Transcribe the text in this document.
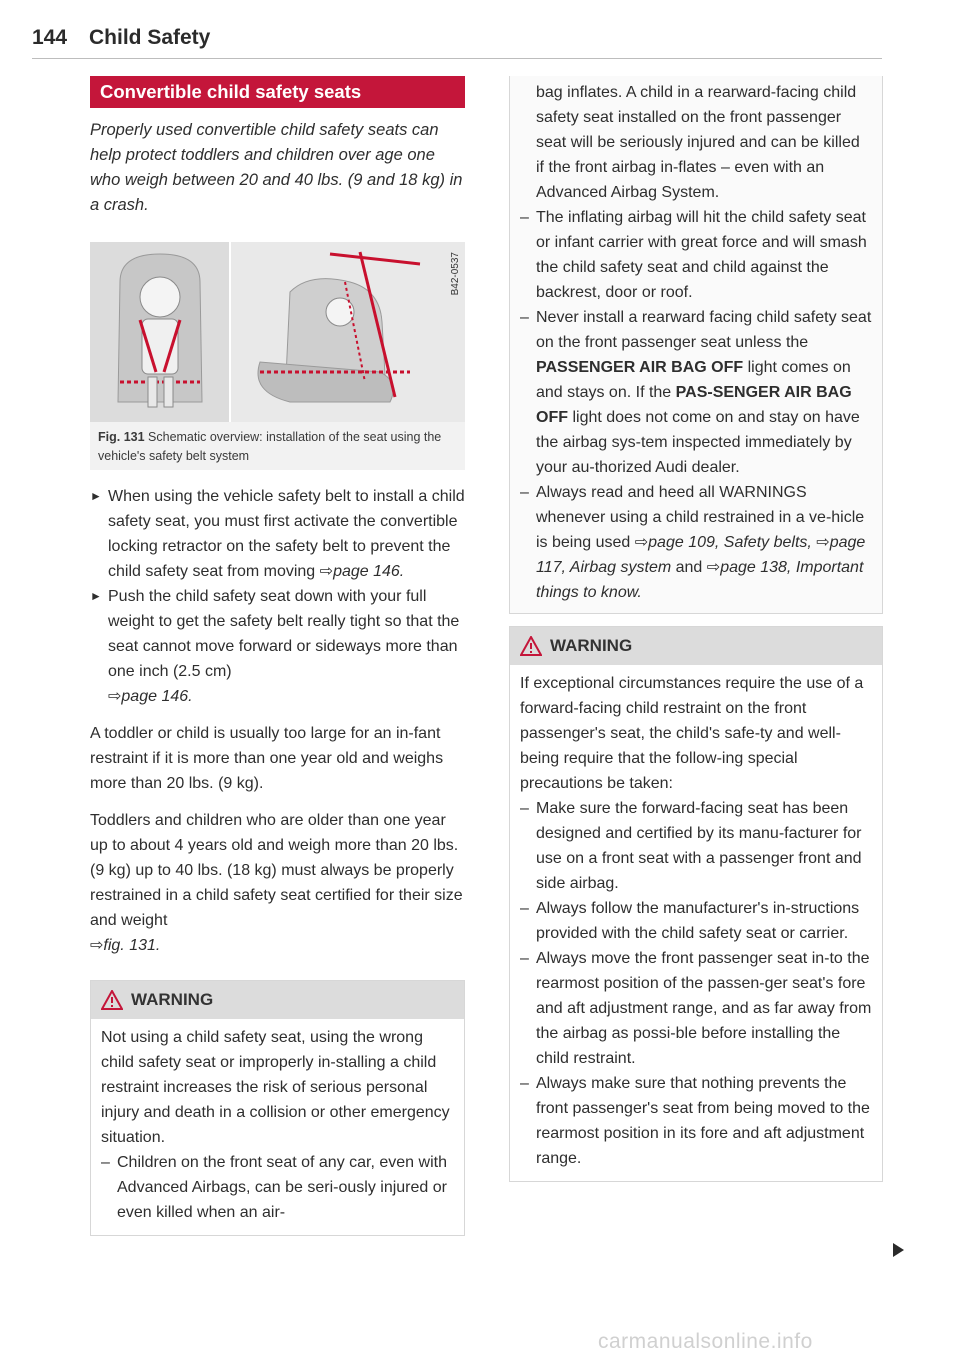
144 Child Safety
Convertible child safety seats

Properly used convertible child safety seats can help protect toddlers and children over age one who weigh between 20 and 40 lbs. (9 and 18 kg) in a crash.

B42-0537

Fig. 131 Schematic overview: installation of the seat using the vehicle's safety belt system

► When using the vehicle safety belt to install a child safety seat, you must first activate the convertible locking retractor on the safety belt to prevent the child safety seat from moving ⇨page 146.
► Push the child safety seat down with your full weight to get the safety belt really tight so that the seat cannot move forward or sideways more than one inch (2.5 cm)
⇨page 146.

A toddler or child is usually too large for an in-fant restraint if it is more than one year old and weighs more than 20 lbs. (9 kg).

Toddlers and children who are older than one year up to about 4 years old and weigh more than 20 lbs. (9 kg) up to 40 lbs. (18 kg) must always be properly restrained in a child safety seat certified for their size and weight
⇨fig. 131.

WARNING
Not using a child safety seat, using the wrong child safety seat or improperly in-stalling a child restraint increases the risk of serious personal injury and death in a collision or other emergency situation.
– Children on the front seat of any car, even with Advanced Airbags, can be seri-ously injured or even killed when an air-
bag inflates. A child in a rearward-facing child safety seat installed on the front passenger seat will be seriously injured and can be killed if the front airbag in-flates – even with an Advanced Airbag System.
– The inflating airbag will hit the child safety seat or infant carrier with great force and will smash the child safety seat and child against the backrest, door or roof.
– Never install a rearward facing child safety seat on the front passenger seat unless the PASSENGER AIR BAG OFF light comes on and stays on. If the PAS-SENGER AIR BAG OFF light does not come on and stay on have the airbag sys-tem inspected immediately by your au-thorized Audi dealer.
– Always read and heed all WARNINGS whenever using a child restrained in a ve-hicle is being used ⇨page 109, Safety belts, ⇨page 117, Airbag system and ⇨page 138, Important things to know.
WARNING
If exceptional circumstances require the use of a forward-facing child restraint on the front passenger's seat, the child's safe-ty and well-being require that the follow-ing special precautions be taken:
– Make sure the forward-facing seat has been designed and certified by its manu-facturer for use on a front seat with a passenger front and side airbag.
– Always follow the manufacturer's in-structions provided with the child safety seat or carrier.
– Always move the front passenger seat in-to the rearmost position of the passen-ger seat's fore and aft adjustment range, and as far away from the airbag as possi-ble before installing the child restraint.
– Always make sure that nothing prevents the front passenger's seat from being moved to the rearmost position in its fore and aft adjustment range.
carmanualsonline.info
